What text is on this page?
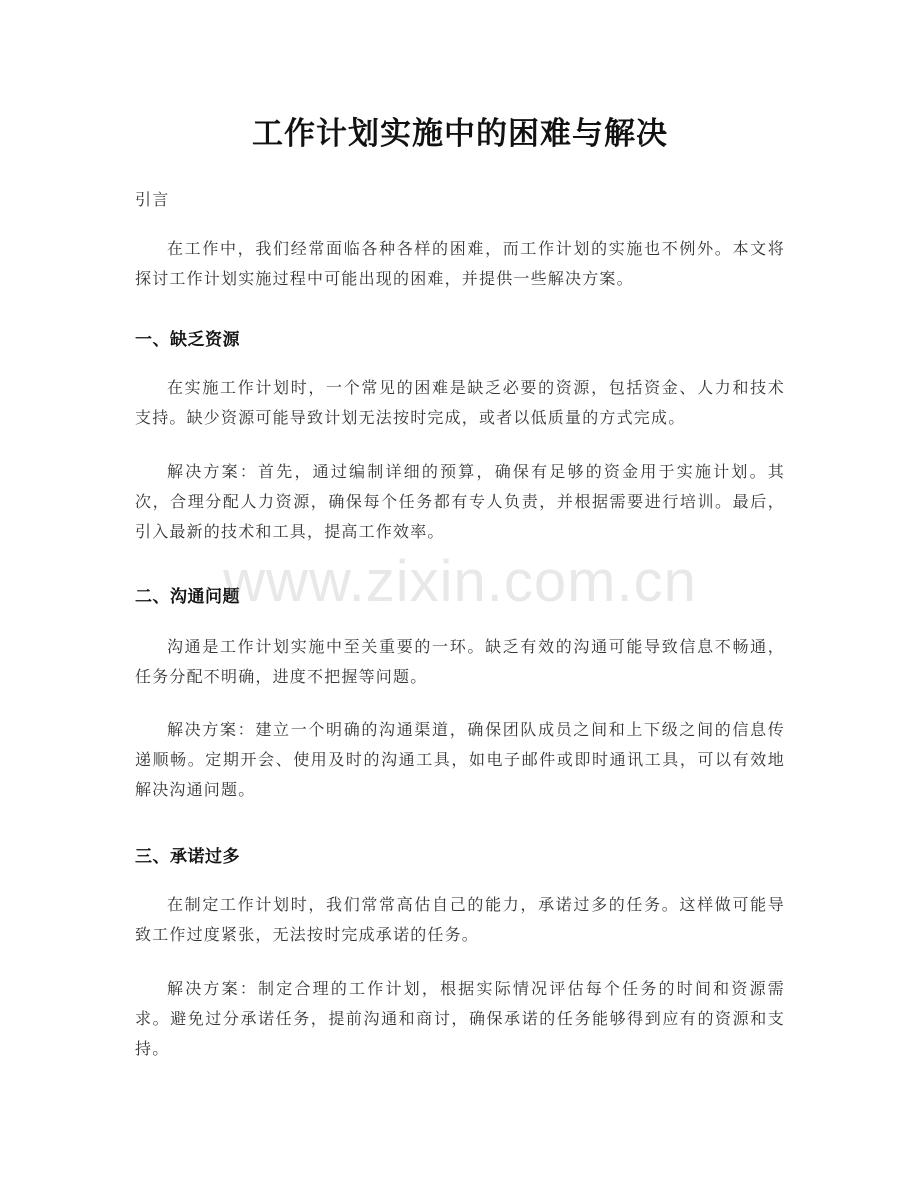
工作计划实施中的困难与解决
引言
在工作中，我们经常面临各种各样的困难，而工作计划的实施也不例外。本文将探讨工作计划实施过程中可能出现的困难，并提供一些解决方案。
一、缺乏资源
在实施工作计划时，一个常见的困难是缺乏必要的资源，包括资金、人力和技术支持。缺少资源可能导致计划无法按时完成，或者以低质量的方式完成。
解决方案：首先，通过编制详细的预算，确保有足够的资金用于实施计划。其次，合理分配人力资源，确保每个任务都有专人负责，并根据需要进行培训。最后，引入最新的技术和工具，提高工作效率。
二、沟通问题
沟通是工作计划实施中至关重要的一环。缺乏有效的沟通可能导致信息不畅通，任务分配不明确，进度不把握等问题。
解决方案：建立一个明确的沟通渠道，确保团队成员之间和上下级之间的信息传递顺畅。定期开会、使用及时的沟通工具，如电子邮件或即时通讯工具，可以有效地解决沟通问题。
三、承诺过多
在制定工作计划时，我们常常高估自己的能力，承诺过多的任务。这样做可能导致工作过度紧张，无法按时完成承诺的任务。
解决方案：制定合理的工作计划，根据实际情况评估每个任务的时间和资源需求。避免过分承诺任务，提前沟通和商讨，确保承诺的任务能够得到应有的资源和支持。
www.zixin.com.cn
